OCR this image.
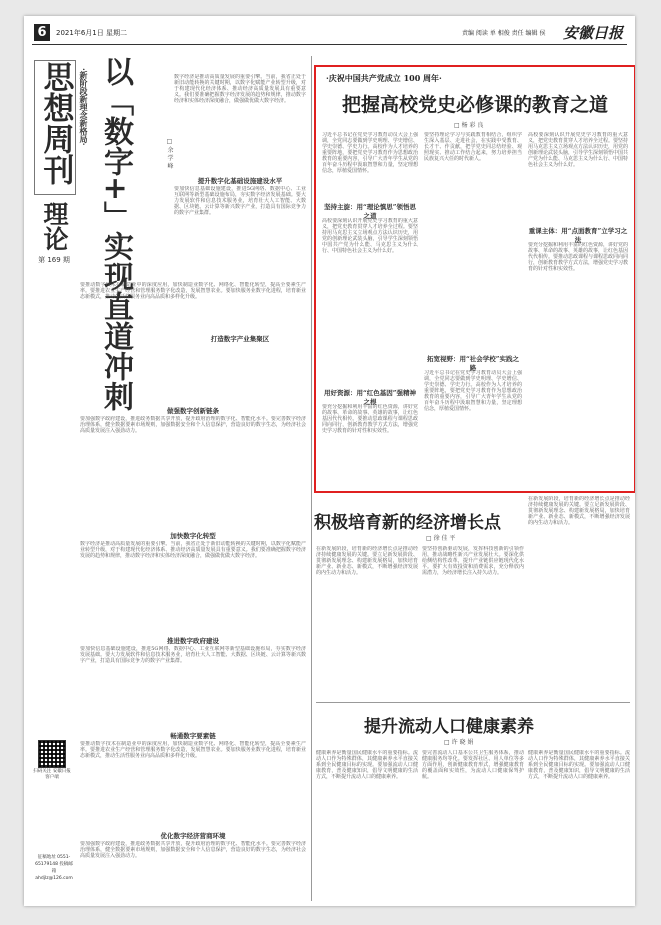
6	2021年6月1日 星期二	责编 阅读 单 相俊 责任 编辑 侯 安徽日报
思想周刊
理论
第 169 期
·新阶段新理念新格局· 以「数字+」实现直道冲刺	□ 余 学 峰
数字经济是推动高质量发展的重要引擎。当前，我省正处于新旧动能转换的关键时期，以数字化赋能产业转型升级，对于构建现代化经济体系、推动经济高质量发展具有重要意义。我们要准确把握数字经济发展的趋势和规律，推动数字经济和实体经济深度融合，做强做优做大数字经济。
提升数字化基础设施建设水平
要加快信息基础设施建设，推进5G网络、数据中心、工业互联网等新型基础设施布局，夯实数字经济发展基础。要大力发展软件和信息技术服务业，培育壮大人工智能、大数据、区块链、云计算等新兴数字产业，打造具有国际竞争力的数字产业集群。
打造数字产业集聚区
要推动数字技术在制造业中的深度应用，加快制造业数字化、网络化、智能化转型，提高全要素生产率。要推进农业生产经营和管理服务数字化改造，发展智慧农业。要加快服务业数字化进程，培育新业态新模式，推动生活性服务业向高品质和多样化升级。
做强数字创新链条
要加强数字政府建设，推进政务数据共享开放，提升政府治理的数字化、智能化水平。要完善数字经济治理体系，健全数据要素市场规则，加强数据安全和个人信息保护，营造良好的数字生态，为经济社会高质量发展注入强劲动力。
加快数字化转型
数字经济是推动高质量发展的重要引擎。当前，我省正处于新旧动能转换的关键时期，以数字化赋能产业转型升级，对于构建现代化经济体系、推动经济高质量发展具有重要意义。我们要准确把握数字经济发展的趋势和规律，推动数字经济和实体经济深度融合，做强做优做大数字经济。
推进数字政府建设
要加快信息基础设施建设，推进5G网络、数据中心、工业互联网等新型基础设施布局，夯实数字经济发展基础。要大力发展软件和信息技术服务业，培育壮大人工智能、大数据、区块链、云计算等新兴数字产业，打造具有国际竞争力的数字产业集群。
畅通数字要素链
要推动数字技术在制造业中的深度应用，加快制造业数字化、网络化、智能化转型，提高全要素生产率。要推进农业生产经营和管理服务数字化改造，发展智慧农业。要加快服务业数字化进程，培育新业态新模式，推动生活性服务业向高品质和多样化升级。
优化数字经济营商环境
要加强数字政府建设，推进政务数据共享开放，提升政府治理的数字化、智能化水平。要完善数字经济治理体系，健全数据要素市场规则，加强数据安全和个人信息保护，营造良好的数字生态，为经济社会高质量发展注入强劲动力。
·庆祝中国共产党成立 100 周年·
把握高校党史必修课的教育之道
□ 杨 彩 良
习近平总书记在党史学习教育动员大会上强调，全党同志要做到学史明理、学史增信、学史崇德、学史力行。高校作为人才培养的重要阵地，要把党史学习教育作为思想政治教育的重要内容，引导广大青年学生从党的百年奋斗历程中汲取智慧和力量，坚定理想信念，厚植爱国情怀。
坚持主旋：用“理论慎思”领悟思之道
高校要深刻认识开展党史学习教育的重大意义，把党史教育贯穿人才培养全过程。要坚持用马克思主义立场观点方法认识历史，用党的创新理论武装头脑，引导学生深刻领悟中国共产党为什么能、马克思主义为什么行、中国特色社会主义为什么好。
用好资源：用“红色基因”强精神之根
要充分挖掘和利用丰富的红色资源，讲好党的故事、革命的故事、英雄的故事，让红色基因代代相传。要推动思政课程与课程思政同向同行，创新教育教学方式方法，增强党史学习教育的针对性和实效性。
要坚持理论学习与实践教育相结合，组织学生深入基层、走进社会，在实践中受教育、长才干、作贡献，把学党史同总结经验、观照现实、推动工作结合起来，努力培养担当民族复兴大任的时代新人。
拓宽视野：用“社会学校”实践之路
习近平总书记在党史学习教育动员大会上强调，全党同志要做到学史明理、学史增信、学史崇德、学史力行。高校作为人才培养的重要阵地，要把党史学习教育作为思想政治教育的重要内容，引导广大青年学生从党的百年奋斗历程中汲取智慧和力量，坚定理想信念，厚植爱国情怀。
高校要深刻认识开展党史学习教育的重大意义，把党史教育贯穿人才培养全过程。要坚持用马克思主义立场观点方法认识历史，用党的创新理论武装头脑，引导学生深刻领悟中国共产党为什么能、马克思主义为什么行、中国特色社会主义为什么好。
重课主体：用“点面教育”立学习之法
要充分挖掘和利用丰富的红色资源，讲好党的故事、革命的故事、英雄的故事，让红色基因代代相传。要推动思政课程与课程思政同向同行，创新教育教学方式方法，增强党史学习教育的针对性和实效性。
积极培育新的经济增长点
□ 徐 佳 平
在新发展阶段，培育新的经济增长点是推动经济持续健康发展的关键。要立足新发展阶段、贯彻新发展理念、构建新发展格局，加快培育新产业、新业态、新模式，不断增强经济发展的内生动力和活力。
要坚持创新驱动发展，发挥科技创新的引领作用，推动战略性新兴产业发展壮大。要深化供给侧结构性改革，提升产业链供应链现代化水平。要扩大有效投资和消费需求，充分释放内需潜力，为经济增长注入持久动力。
在新发展阶段，培育新的经济增长点是推动经济持续健康发展的关键。要立足新发展阶段、贯彻新发展理念、构建新发展格局，加快培育新产业、新业态、新模式，不断增强经济发展的内生动力和活力。
提升流动人口健康素养
□ 许 晓 娟
健康素养是衡量国民健康水平的重要指标。流动人口作为特殊群体，其健康素养水平直接关系到全民健康目标的实现。要加强流动人口健康教育，普及健康知识，倡导文明健康的生活方式，不断提升流动人口的健康素养。
要完善流动人口基本公共卫生服务体系，推动健康服务均等化。要发挥社区、用人单位等多方面作用，创新健康教育形式，增强健康教育的覆盖面和实效性，为流动人口健康保驾护航。
健康素养是衡量国民健康水平的重要指标。流动人口作为特殊群体，其健康素养水平直接关系到全民健康目标的实现。要加强流动人口健康教育，普及健康知识，倡导文明健康的生活方式，不断提升流动人口的健康素养。
扫码关注 安徽日报 客户端
征稿地址 0551-65179148 投稿邮箱 ahdjlz@126.com
